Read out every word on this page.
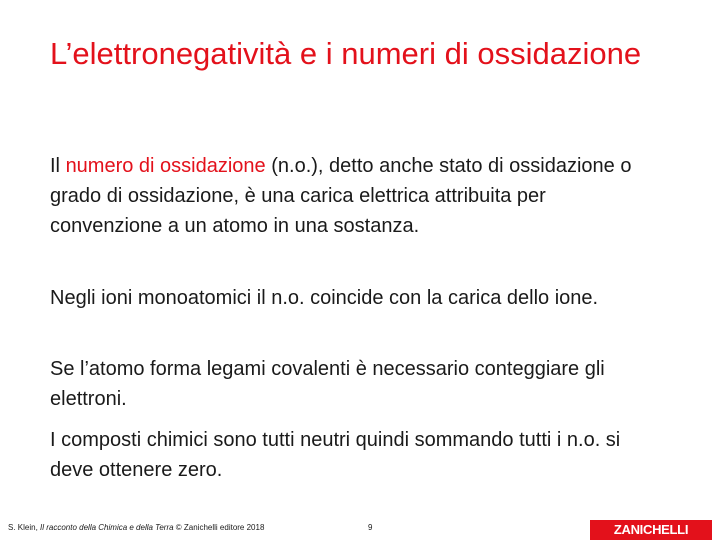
L’elettronegatività e i numeri di ossidazione

Il numero di ossidazione (n.o.), detto anche stato di ossidazione o grado di ossidazione, è una carica elettrica attribuita per convenzione a un atomo in una sostanza.

Negli ioni monoatomici il n.o. coincide con la carica dello ione.

Se l’atomo forma legami covalenti è necessario conteggiare gli elettroni.

I composti chimici sono tutti neutri quindi sommando tutti i n.o. si deve ottenere zero.

S. Klein, Il racconto della Chimica e della Terra © Zanichelli editore 2018	9	ZANICHELLI
